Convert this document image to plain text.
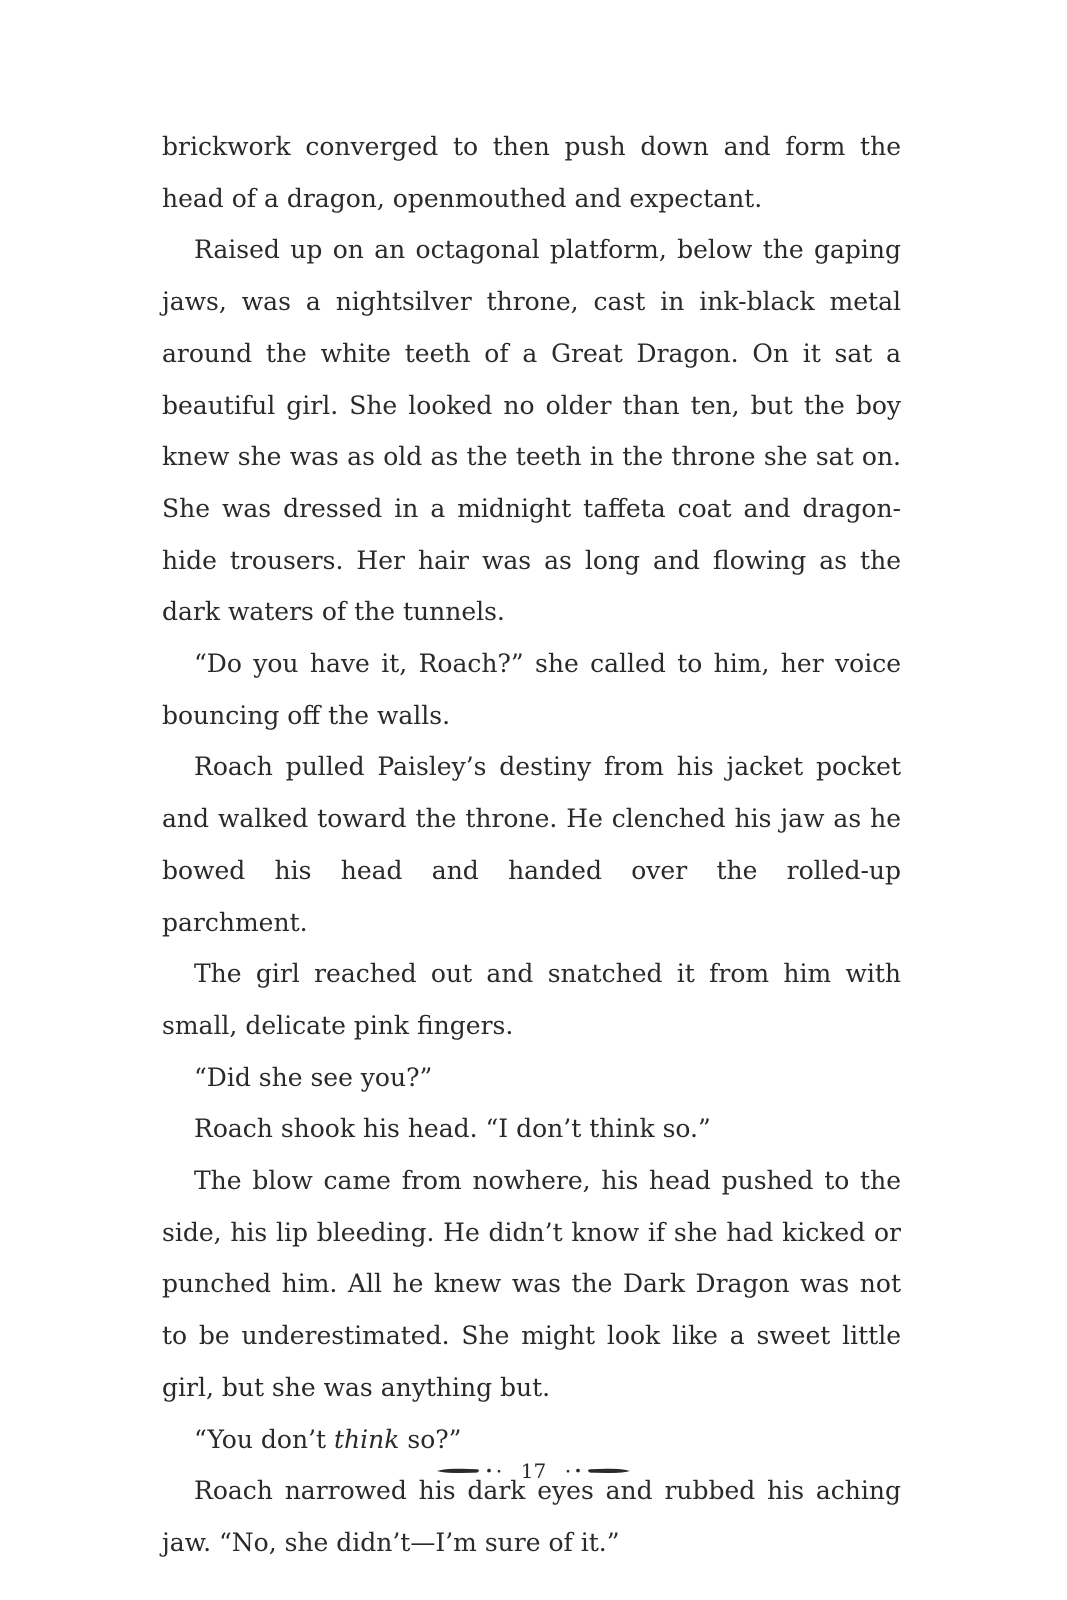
brickwork converged to then push down and form the head of a dragon, openmouthed and expectant.

Raised up on an octagonal platform, below the gaping jaws, was a nightsilver throne, cast in ink-black metal around the white teeth of a Great Dragon. On it sat a beautiful girl. She looked no older than ten, but the boy knew she was as old as the teeth in the throne she sat on. She was dressed in a midnight taffeta coat and dragon-hide trousers. Her hair was as long and flowing as the dark waters of the tunnels.

“Do you have it, Roach?” she called to him, her voice bouncing off the walls.

Roach pulled Paisley’s destiny from his jacket pocket and walked toward the throne. He clenched his jaw as he bowed his head and handed over the rolled-up parchment.

The girl reached out and snatched it from him with small, delicate pink fingers.

“Did she see you?”

Roach shook his head. “I don’t think so.”

The blow came from nowhere, his head pushed to the side, his lip bleeding. He didn’t know if she had kicked or punched him. All he knew was the Dark Dragon was not to be underestimated. She might look like a sweet little girl, but she was anything but.

“You don’t think so?”

Roach narrowed his dark eyes and rubbed his aching jaw. “No, she didn’t—I’m sure of it.”

17
